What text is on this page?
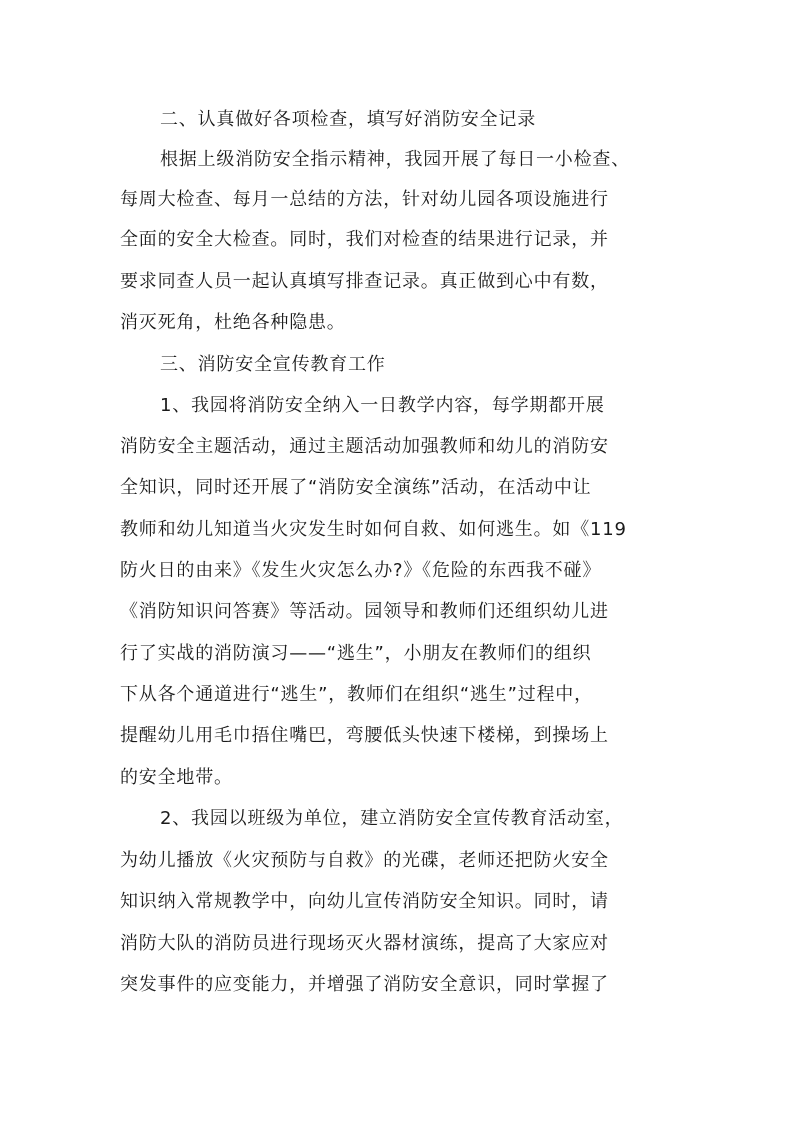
二、认真做好各项检查，填写好消防安全记录

根据上级消防安全指示精神，我园开展了每日一小检查、

每周大检查、每月一总结的方法，针对幼儿园各项设施进行

全面的安全大检查。同时，我们对检查的结果进行记录，并

要求同查人员一起认真填写排查记录。真正做到心中有数，

消灭死角，杜绝各种隐患。

三、消防安全宣传教育工作

1、我园将消防安全纳入一日教学内容，每学期都开展

消防安全主题活动，通过主题活动加强教师和幼儿的消防安

全知识，同时还开展了“消防安全演练”活动，在活动中让

教师和幼儿知道当火灾发生时如何自救、如何逃生。如《119

防火日的由来》《发生火灾怎么办?》《危险的东西我不碰》

《消防知识问答赛》等活动。园领导和教师们还组织幼儿进

行了实战的消防演习——“逃生”，小朋友在教师们的组织

下从各个通道进行“逃生”，教师们在组织“逃生”过程中，

提醒幼儿用毛巾捂住嘴巴，弯腰低头快速下楼梯，到操场上

的安全地带。

2、我园以班级为单位，建立消防安全宣传教育活动室，

为幼儿播放《火灾预防与自救》的光碟，老师还把防火安全

知识纳入常规教学中，向幼儿宣传消防安全知识。同时，请

消防大队的消防员进行现场灭火器材演练，提高了大家应对

突发事件的应变能力，并增强了消防安全意识，同时掌握了
